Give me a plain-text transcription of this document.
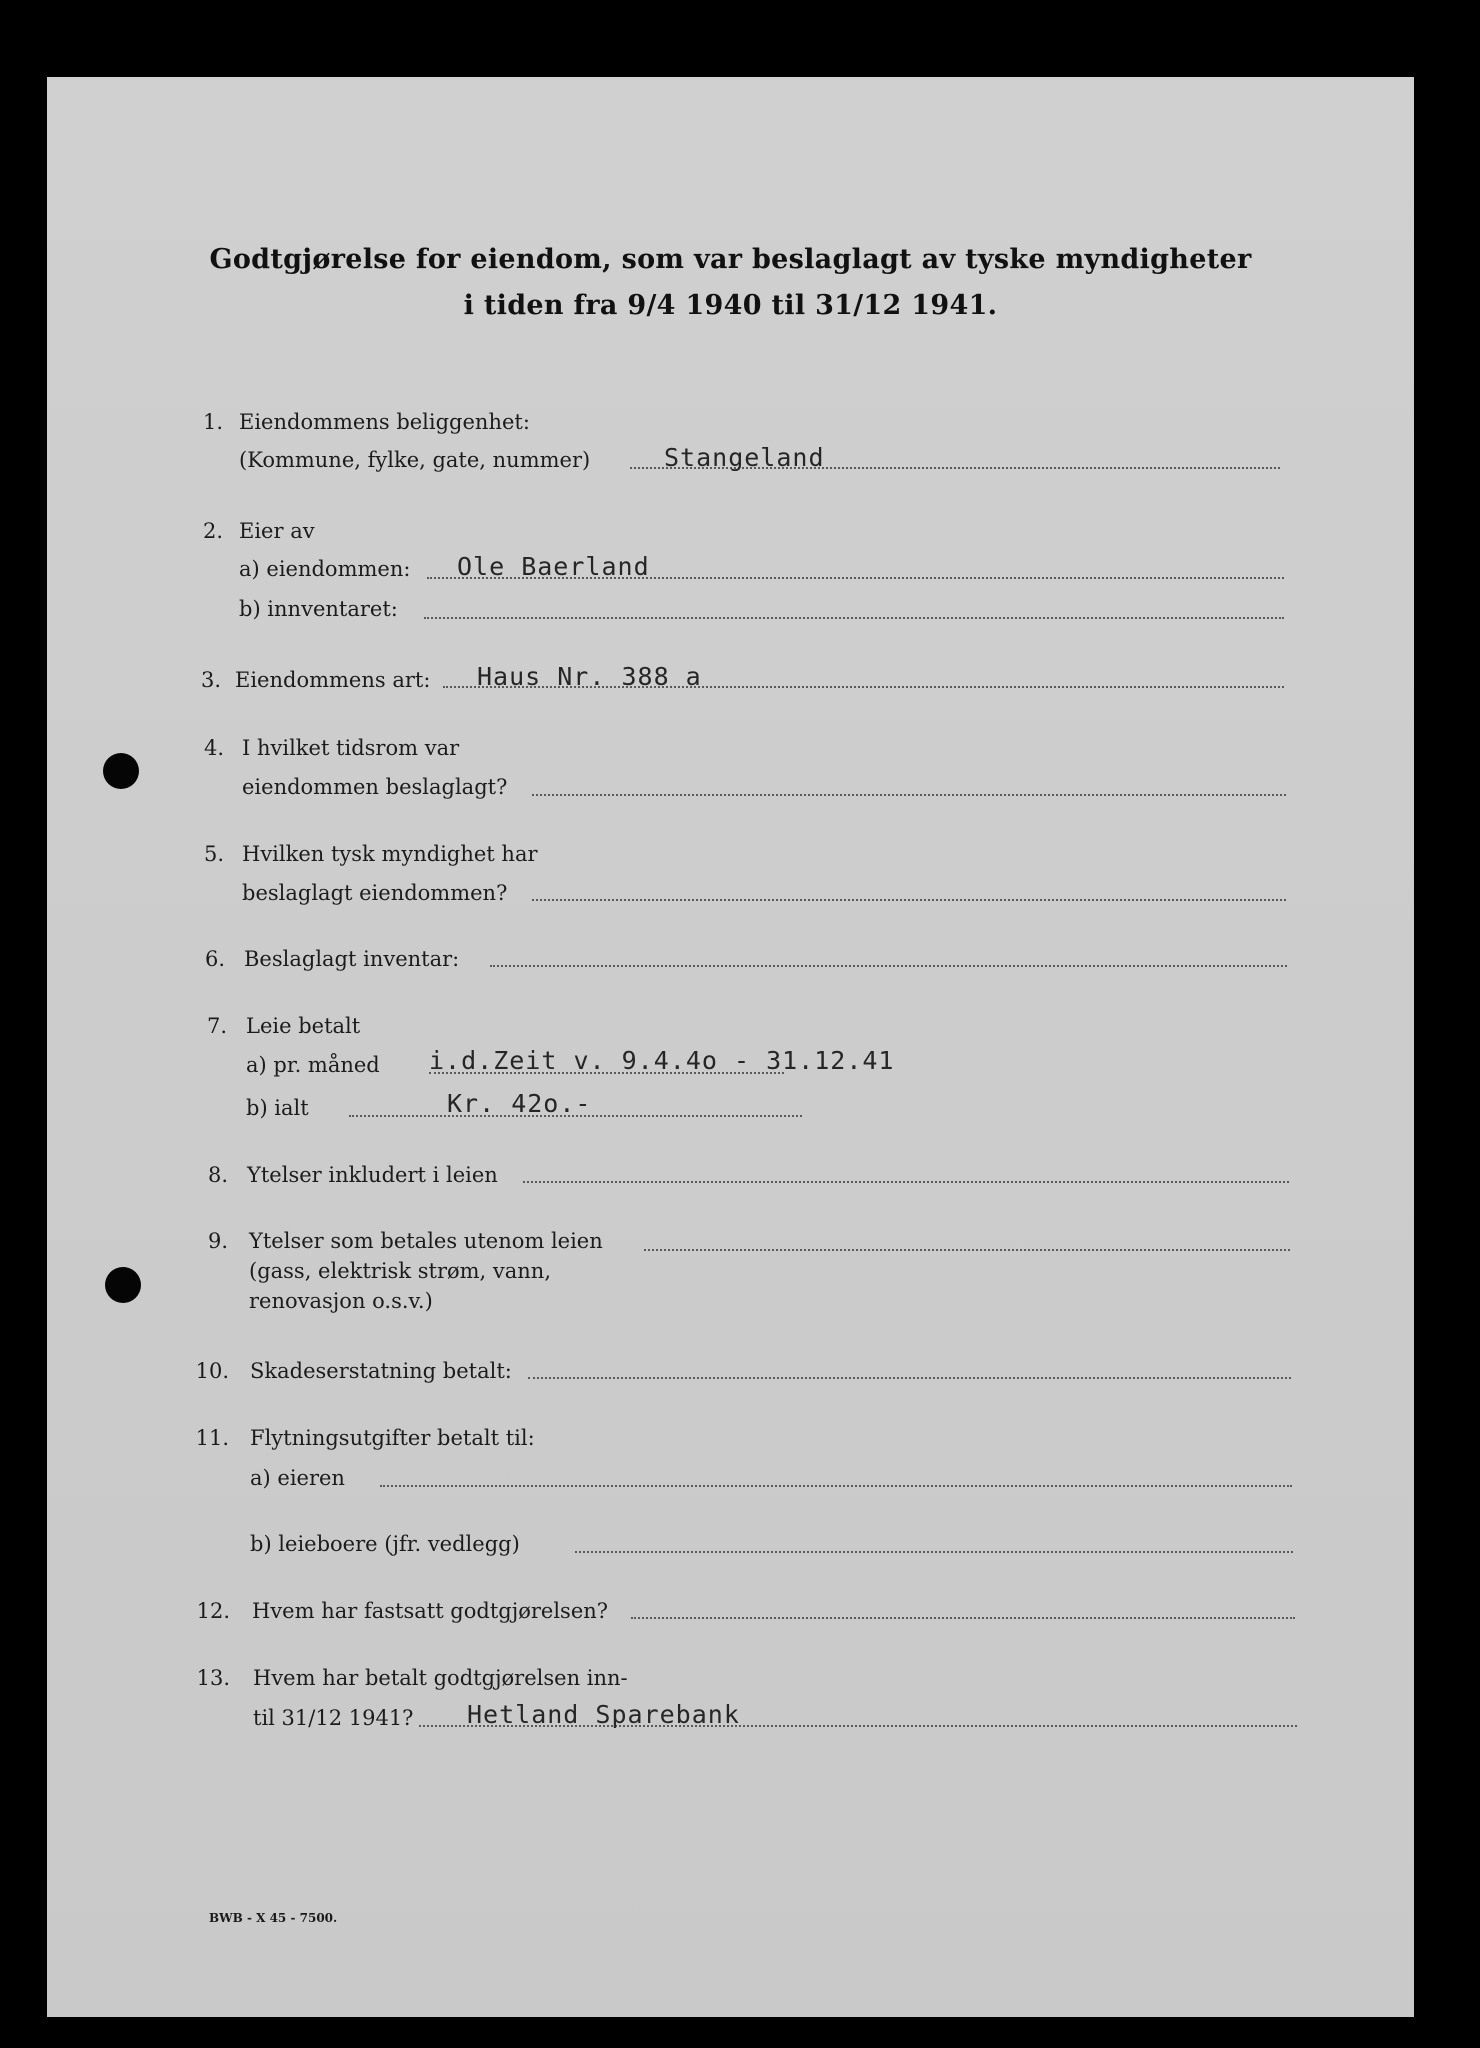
Godtgjørelse for eiendom, som var beslaglagt av tyske myndigheter
i tiden fra 9/4 1940 til 31/12 1941.
1. Eiendommens beliggenhet:
(Kommune, fylke, gate, nummer)	Stangeland
2. Eier av
a) eiendommen:
b) innventaret:
Ole Baerland
3. Eiendommens art: Haus Nr. 388 a
4. I hvilket tidsrom var
eiendommen beslaglagt?
5. Hvilken tysk myndighet har
beslaglagt eiendommen?
6. Beslaglagt inventar:
7. Leie betalt
a) pr. måned
b) ialt
i.d.Zeit v. 9.4.4o - 31.12.41
Kr. 42o.-
8. Ytelser inkludert i leien
9. Ytelser som betales utenom leien
(gass, elektrisk strøm, vann,
renovasjon o.s.v.)
10. Skadeserstatning betalt:
11. Flytningsutgifter betalt til:
a) eieren
b) leieboere (jfr. vedlegg)
12. Hvem har fastsatt godtgjørelsen?
13. Hvem har betalt godtgjørelsen inn-
til 31/12 1941? Hetland Sparebank
BWB - X 45 - 7500.
